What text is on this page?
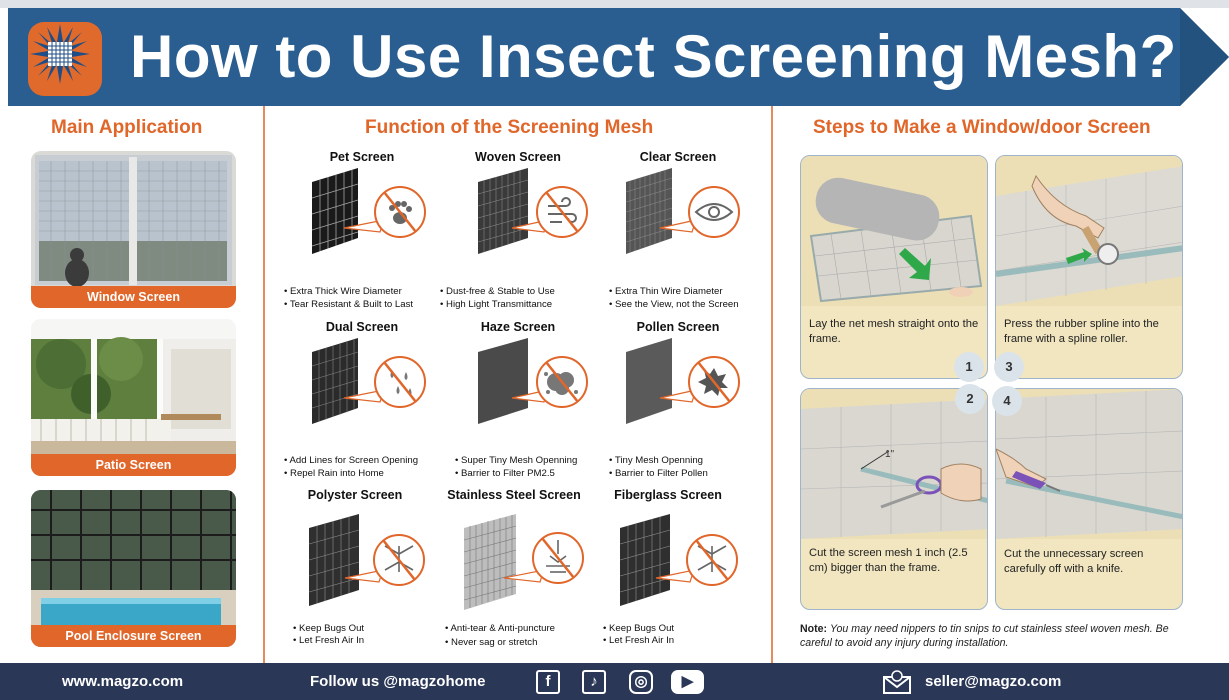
How to Use Insect Screening Mesh?
Main Application
Window Screen
Patio Screen
Pool Enclosure Screen
Function of the Screening Mesh
Pet Screen
• Extra Thick Wire Diameter
• Tear Resistant & Built to Last
Woven Screen
• Dust-free & Stable to Use
• High Light Transmittance
Clear Screen
• Extra Thin Wire Diameter
• See the View, not the Screen
Dual Screen
• Add Lines for Screen Opening
• Repel Rain into Home
Haze Screen
• Super Tiny Mesh Openning
• Barrier to Filter PM2.5
Pollen Screen
• Tiny Mesh Openning
• Barrier to Filter Pollen
Polyster Screen
• Keep Bugs Out
• Let Fresh Air In
Stainless Steel Screen
• Anti-tear & Anti-puncture
• Never sag or stretch
Fiberglass Screen
• Keep Bugs Out
• Let Fresh Air In
Steps to Make a Window/door Screen
Lay the net mesh straight onto the frame.
Press the rubber spline into the frame with a spline roller.
1"
Cut the screen mesh 1 inch (2.5 cm) bigger than the frame.
Cut the unnecessary screen carefully off with a knife.
1	3
2	4
Note: You may need nippers to tin snips to cut stainless steel woven mesh. Be careful to avoid any injury during installation.
www.magzo.com	Follow us @magzohome	f	♪	◎	▶	seller@magzo.com
